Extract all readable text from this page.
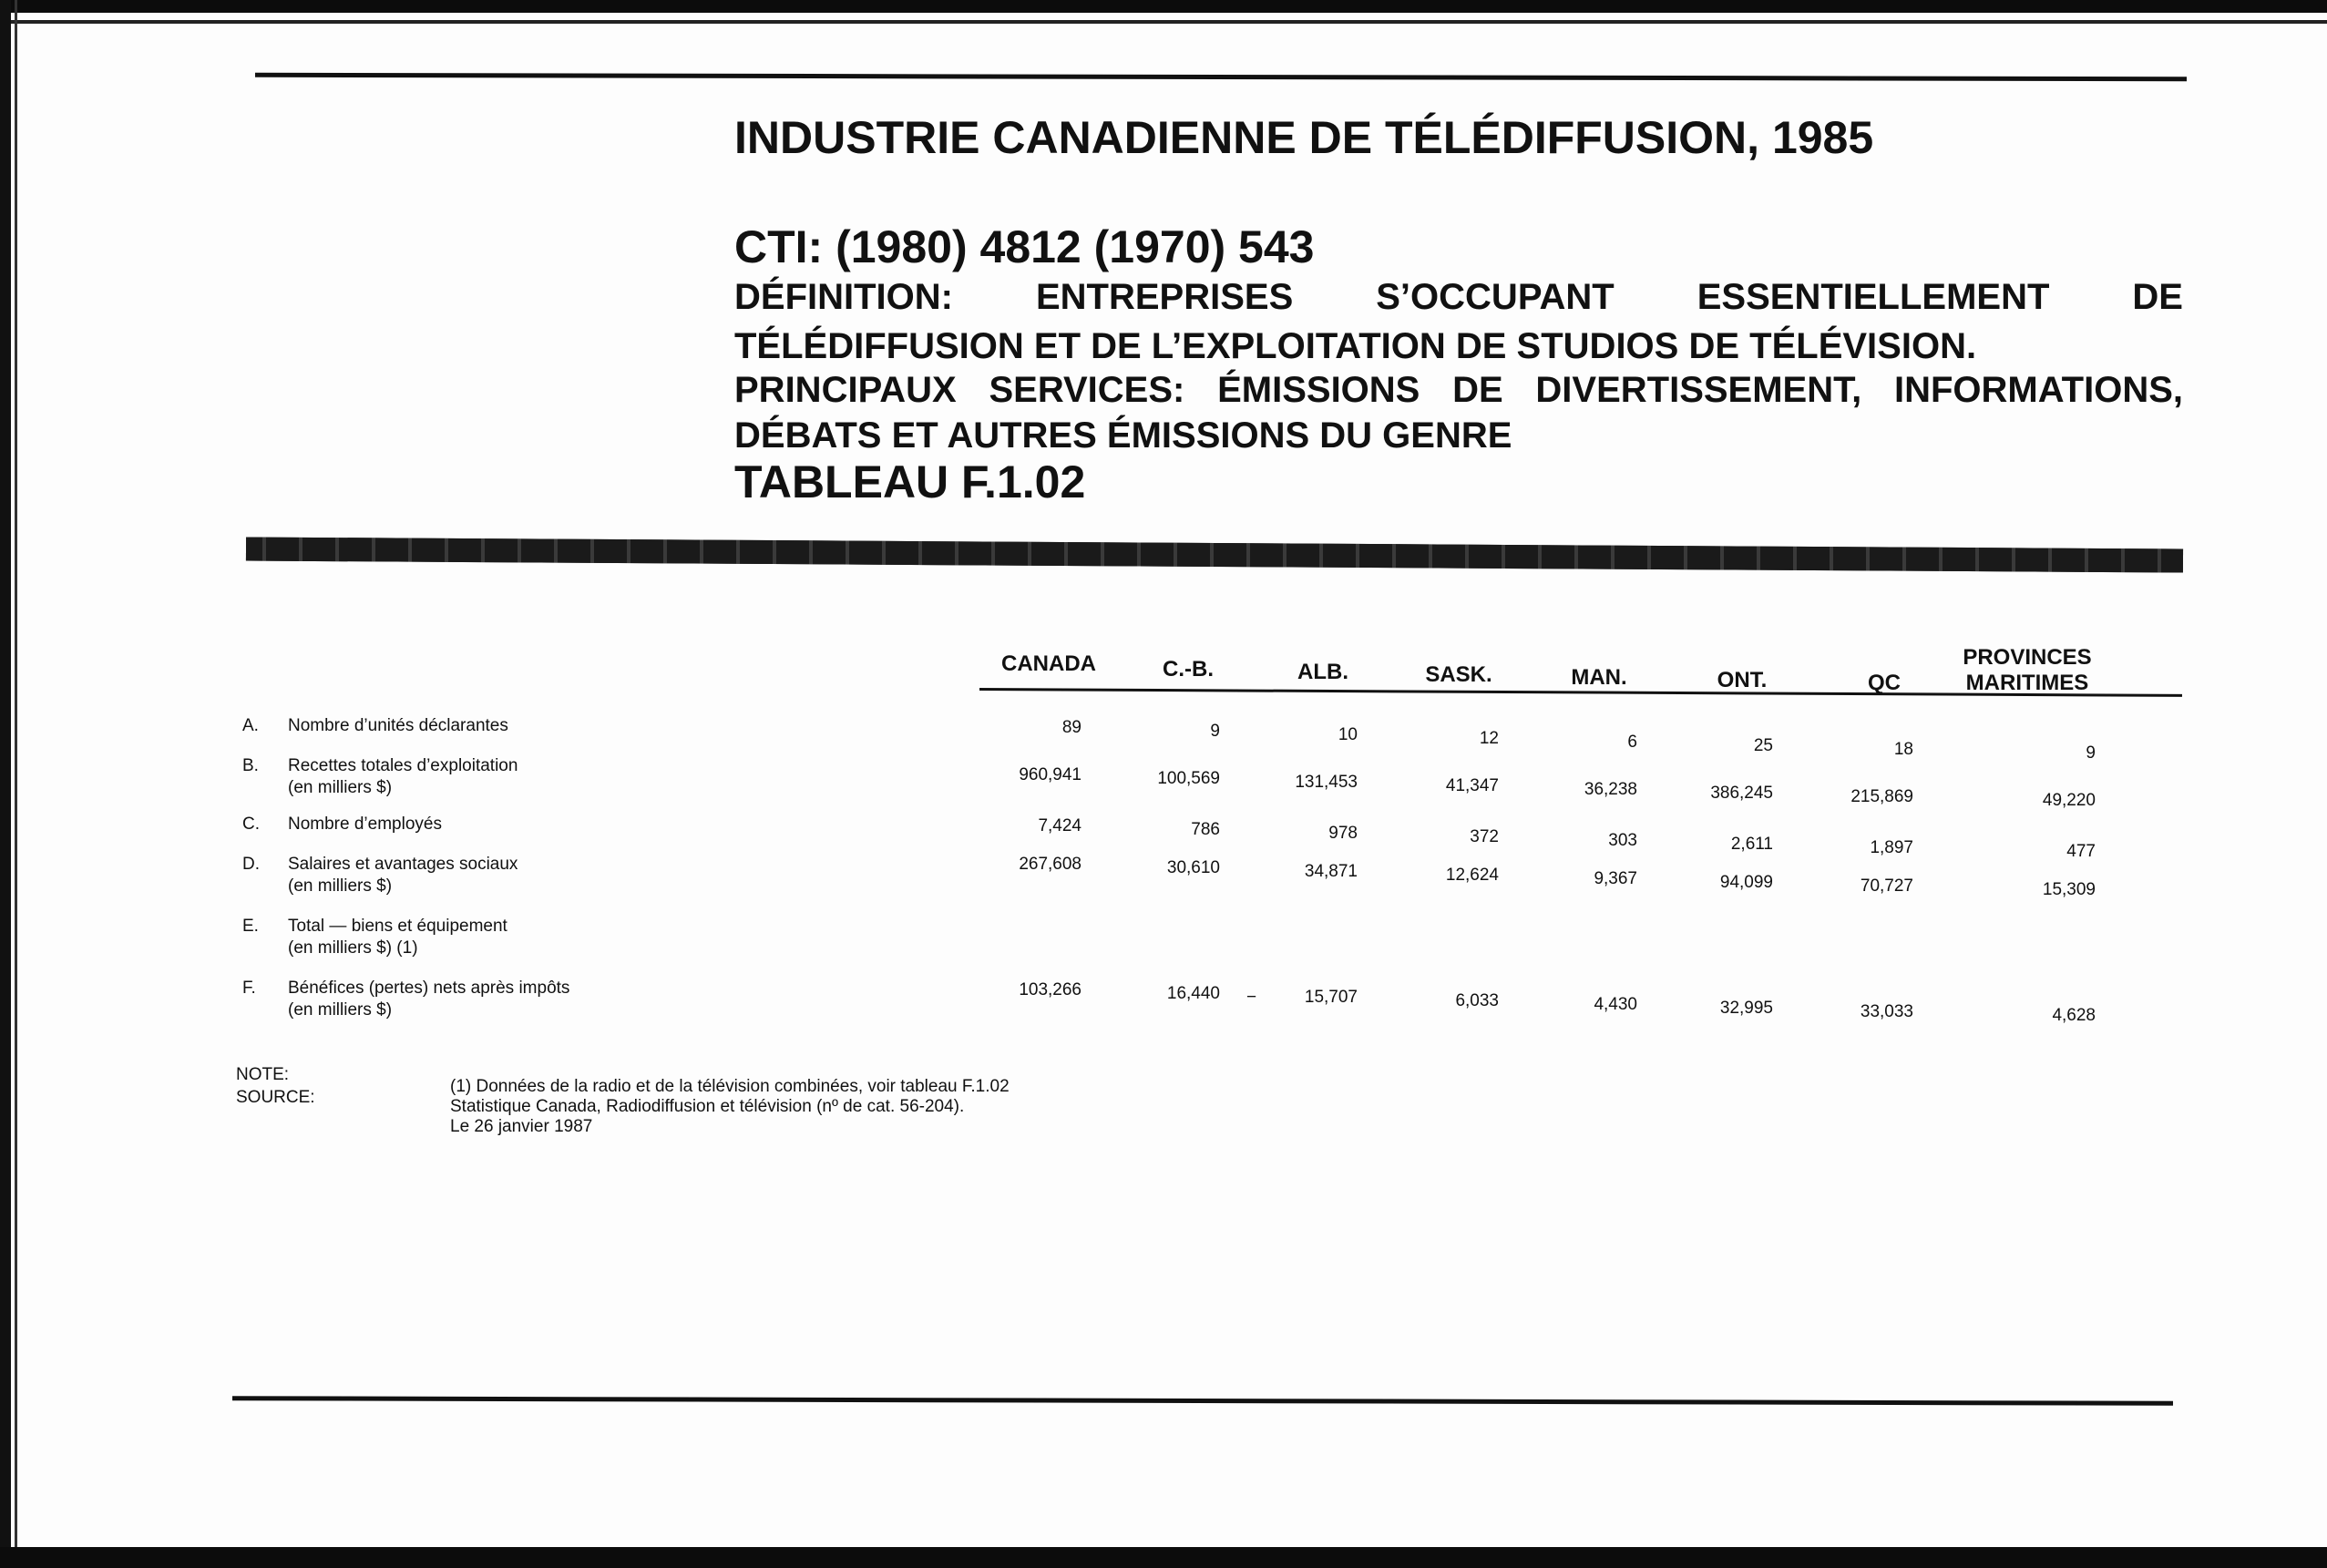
INDUSTRIE CANADIENNE DE TÉLÉDIFFUSION, 1985
CTI: (1980) 4812 (1970) 543
DÉFINITION: ENTREPRISES S’OCCUPANT ESSENTIELLEMENT DE
TÉLÉDIFFUSION ET DE L’EXPLOITATION DE STUDIOS DE TÉLÉVISION.
PRINCIPAUX SERVICES: ÉMISSIONS DE DIVERTISSEMENT, INFORMATIONS,
DÉBATS ET AUTRES ÉMISSIONS DU GENRE
TABLEAU F.1.02
CANADA	C.-B.	ALB.	SASK.	MAN.	ONT.	QC
PROVINCES
MARITIMES
A. Nombre d’unités déclarantes	89	9	10	12	6	25	18	9
B. Recettes totales d’exploitation
(en milliers $)
960,941	100,569	131,453	41,347	36,238	386,245	215,869	49,220
C. Nombre d’employés	7,424	786	978	372	303	2,611	1,897	477
D. Salaires et avantages sociaux
(en milliers $)
267,608	30,610	34,871	12,624	9,367	94,099	70,727	15,309
E. Total — biens et équipement
(en milliers $) (1)
F. Bénéfices (pertes) nets après impôts
(en milliers $)
103,266	16,440	15,707	6,033	4,430	32,995	33,033	4,628
−
NOTE:
SOURCE:
(1) Données de la radio et de la télévision combinées, voir tableau F.1.02
Statistique Canada, Radiodiffusion et télévision (nº de cat. 56-204).
Le 26 janvier 1987
